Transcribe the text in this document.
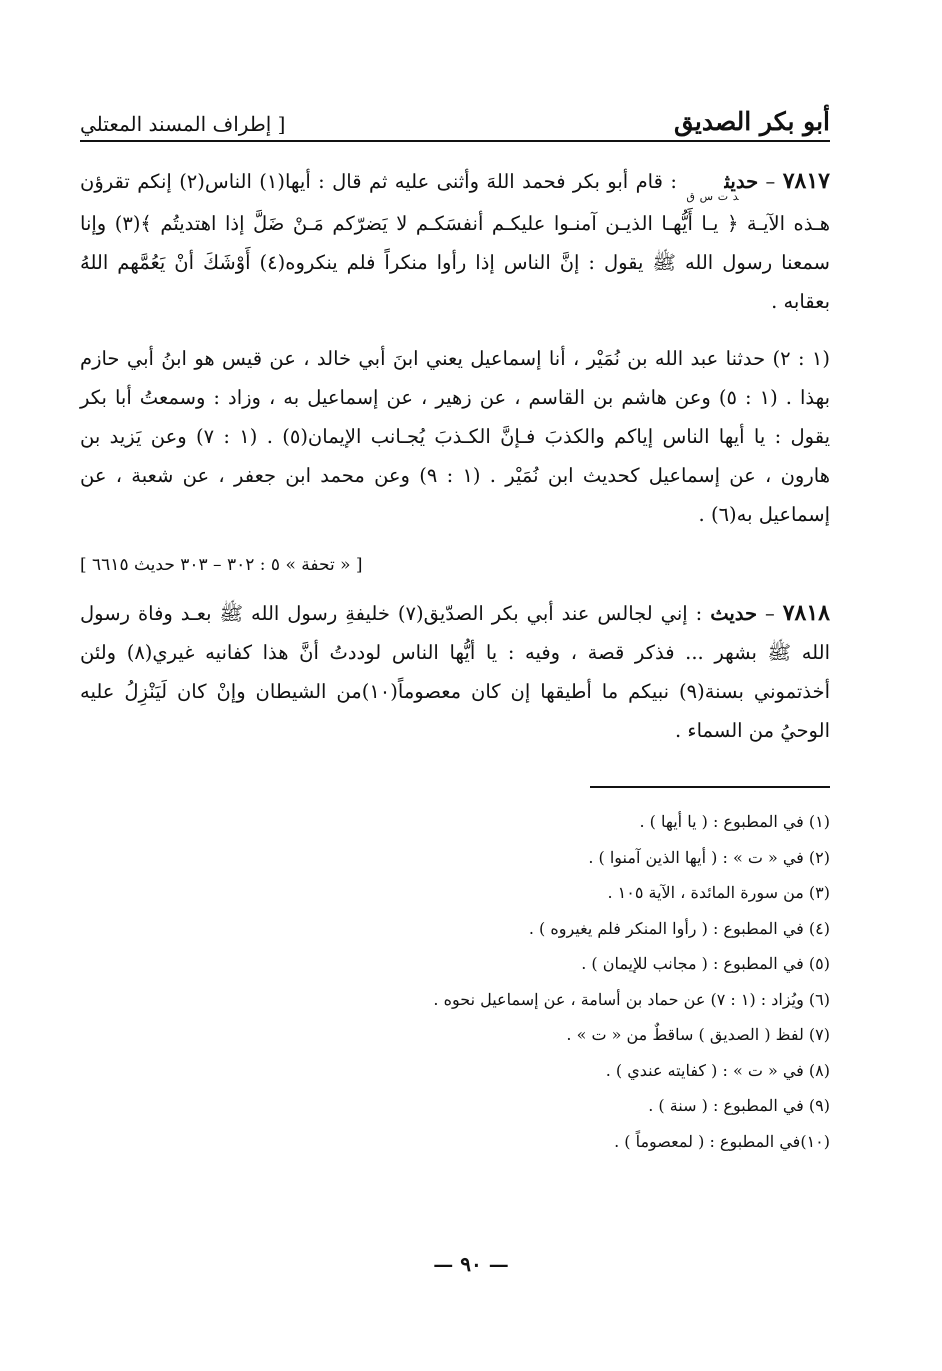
أبو بكر الصديق
[ إطراف المسند المعتلي

٧٨١٧ – حديث$_{د ت س ق}$ : قام أبو بكر فحمد اللهَ وأثنى عليه ثم قال : أيها(١) الناس(٢) إنكم تقرؤن هـذه الآيـة ﴿ يـا أَيُّهـا الذيـن آمنـوا عليكـم أنفسَكـم لا يَضرّكم مَـنْ ضَلَّ إذا اهتديتُم ﴾(٣) وإنا سمعنا رسول الله ﷺ يقول : إنَّ الناس إذا رأوا منكراً فلم ينكروه(٤) أَوْشَكَ أنْ يَعُمَّهم اللهُ بعقابه .

(١ : ٢) حدثنا عبد الله بن نُمَيْر ، أنا إسماعيل يعني ابنَ أبي خالد ، عن قيس هو ابنُ أبي حازم بهذا . (١ : ٥) وعن هاشم بن القاسم ، عن زهير ، عن إسماعيل به ، وزاد : وسمعتُ أبا بكر يقول : يا أيها الناس إياكم والكذبَ فـإنَّ الكـذبَ يُجـانب الإيمان(٥) . (١ : ٧) وعن يَزيد بن هارون ، عن إسماعيل كحديث ابن نُمَيْر . (١ : ٩) وعن محمد ابن جعفر ، عن شعبة ، عن إسماعيل به(٦) .

[ « تحفة » ٥ : ٣٠٢ – ٣٠٣ حديث ٦٦١٥ ]

٧٨١٨ – حديث : إني لجالس عند أبي بكر الصدّيق(٧) خليفةِ رسول الله ﷺ بعـد وفاة رسول الله ﷺ بشهر ... فذكر قصة ، وفيه : يا أيُّها الناس لوددتُ أنَّ هذا كفانيه غيري(٨) ولئن أخذتموني بسنة(٩) نبيكم ما أطيقها إن كان معصوماً(١٠)من الشيطان وإنْ كان لَيَنْزِلُ عليه الوحيُ من السماء .

(١) في المطبوع : ( يا أيها ) .
(٢) في « ت » : ( أيها الذين آمنوا ) .
(٣) من سورة المائدة ، الآية ١٠٥ .
(٤) في المطبوع : ( رأوا المنكر فلم يغيروه ) .
(٥) في المطبوع : ( مجانب للإيمان ) .
(٦) ويُزاد : (١ : ٧) عن حماد بن أسامة ، عن إسماعيل نحوه .
(٧) لفظ ( الصديق ) ساقطٌ من « ت » .
(٨) في « ت » : ( كفايته عندي ) .
(٩) في المطبوع : ( سنة ) .
(١٠)في المطبوع : ( لمعصوماً ) .
— ٩٠ —
